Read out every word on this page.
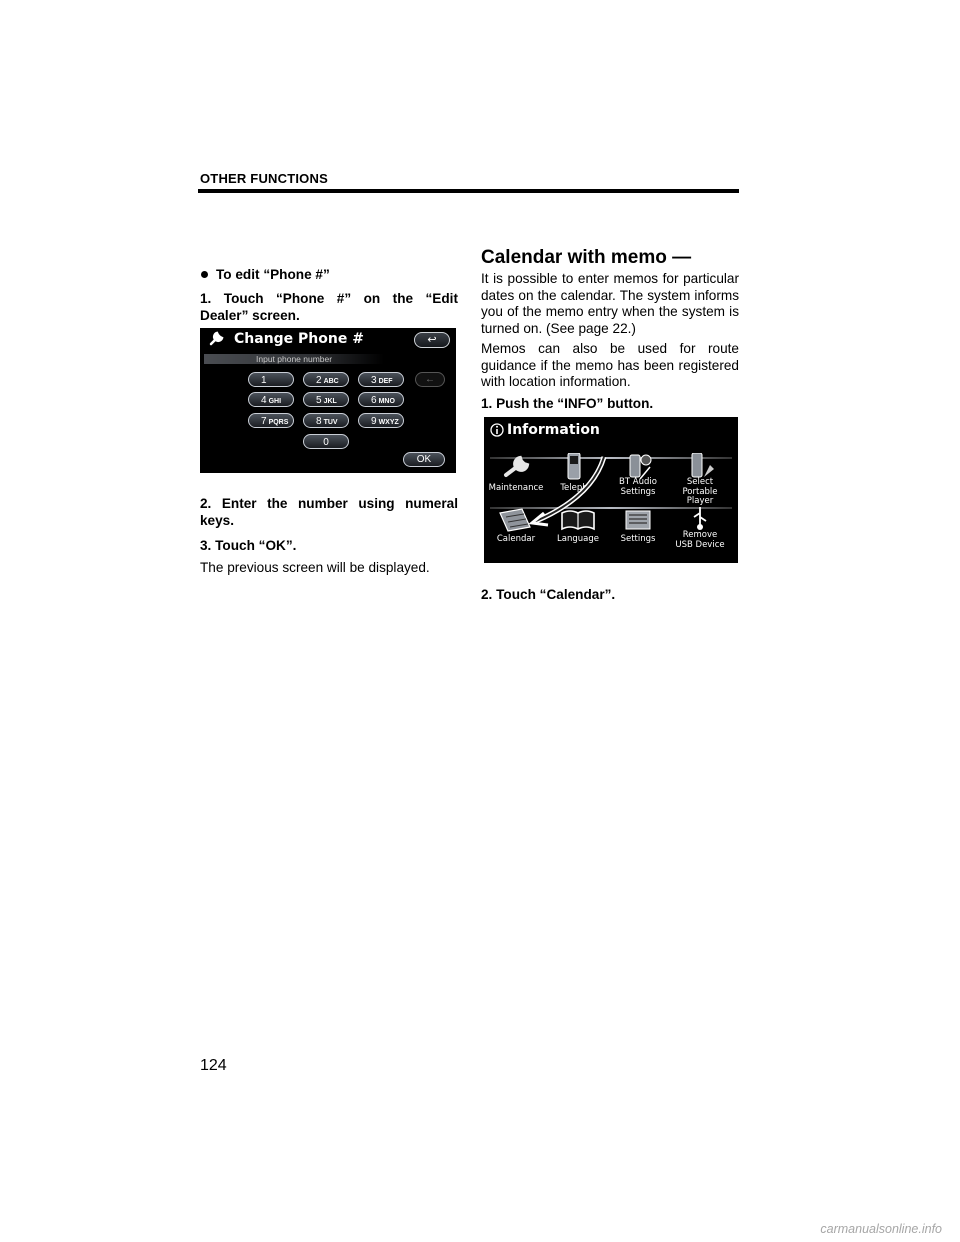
OTHER FUNCTIONS
To edit “Phone #”
1. Touch “Phone #” on the “Edit Dealer” screen.
Change Phone #	↩
Input phone number
1	2 ABC	3 DEF	←
4 GHI	5 JKL	6 MNO
7 PQRS	8 TUV	9 WXYZ
0
OK
2. Enter the number using numeral keys.
3. Touch “OK”.
The previous screen will be displayed.
Calendar with memo —
It is possible to enter memos for particular dates on the calendar. The system informs you of the memo entry when the system is turned on. (See page 22.)
Memos can also be used for route guidance if the memo has been registered with location information.
1. Push the “INFO” button.
Information
Maintenance	Teleph
BT Audio
Settings
Select
Portable Player
Calendar	Language	Settings	Remove
USB Device
2. Touch “Calendar”.
124
carmanualsonline.info
